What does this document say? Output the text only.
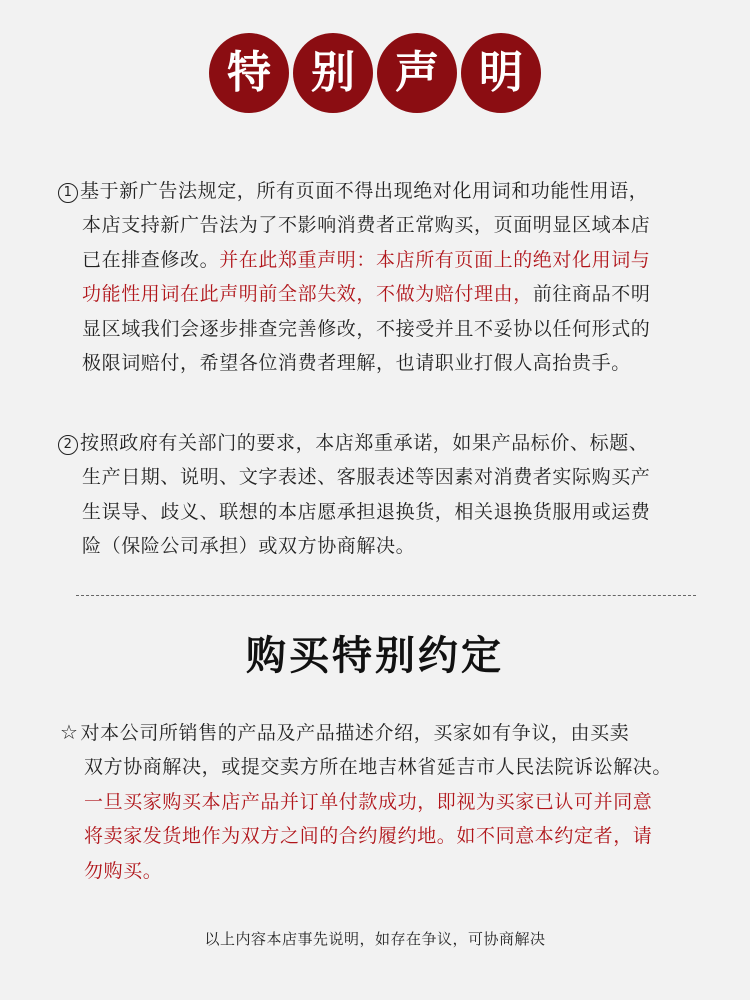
特 别 声 明
1 基于新广告法规定，所有页面不得出现绝对化用词和功能性用语，
本店支持新广告法为了不影响消费者正常购买，页面明显区域本店
已在排查修改。并在此郑重声明：本店所有页面上的绝对化用词与
功能性用词在此声明前全部失效，不做为赔付理由，前往商品不明
显区域我们会逐步排查完善修改，不接受并且不妥协以任何形式的
极限词赔付，希望各位消费者理解，也请职业打假人高抬贵手。
2 按照政府有关部门的要求，本店郑重承诺，如果产品标价、标题、
生产日期、说明、文字表述、客服表述等因素对消费者实际购买产
生误导、歧义、联想的本店愿承担退换货，相关退换货服用或运费
险（保险公司承担）或双方协商解决。
购买特别约定
☆ 对本公司所销售的产品及产品描述介绍，买家如有争议，由买卖
双方协商解决，或提交卖方所在地吉林省延吉市人民法院诉讼解决。
一旦买家购买本店产品并订单付款成功，即视为买家已认可并同意
将卖家发货地作为双方之间的合约履约地。如不同意本约定者，请
勿购买。
以上内容本店事先说明，如存在争议，可协商解决
